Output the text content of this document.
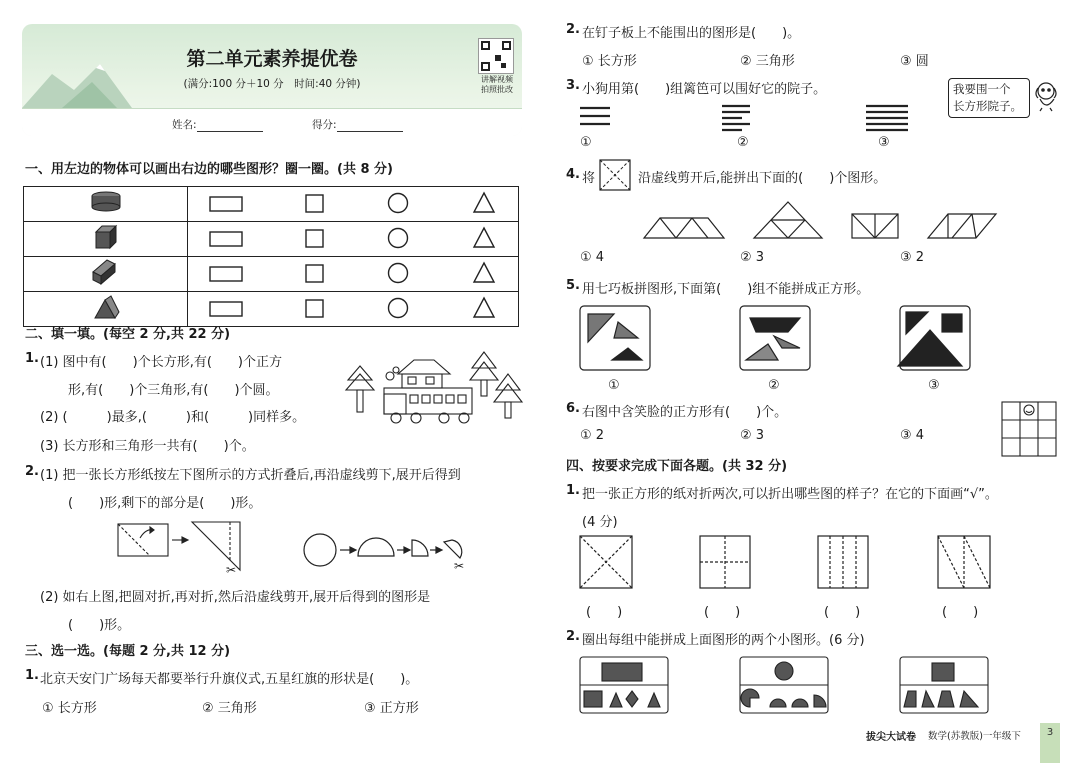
第二单元素养提优卷
(满分:100 分＋10 分　时间:40 分钟)	讲解视频
拍照批改
姓名:	得分:
一、用左边的物体可以画出右边的哪些图形？圈一圈。(共 8 分)

二、填一填。(每空 2 分,共 22 分)
1. (1) 图中有(　　)个长方形,有(　　)个正方
形,有(　　)个三角形,有(　　)个圆。
(2) (　　　)最多,(　　　)和(　　　)同样多。
(3) 长方形和三角形一共有(　　)个。
2. (1) 把一张长方形纸按左下图所示的方式折叠后,再沿虚线剪下,展开后得到
(　　)形,剩下的部分是(　　)形。
✂	✂
(2) 如右上图,把圆对折,再对折,然后沿虚线剪开,展开后得到的图形是
(　　)形。
三、选一选。(每题 2 分,共 12 分)
1. 北京天安门广场每天都要举行升旗仪式,五星红旗的形状是(　　)。
① 长方形	② 三角形	③ 正方形
2. 在钉子板上不能围出的图形是(　　)。
① 长方形	② 三角形	③ 圆
3. 小狗用第(　　)组篱笆可以围好它的院子。	我要围一个
长方形院子。
①	②	③
4. 将	沿虚线剪开后,能拼出下面的(　　)个图形。
① 4	② 3	③ 2
5. 用七巧板拼图形,下面第(　　)组不能拼成正方形。
①	②	③
6. 右图中含笑脸的正方形有(　　)个。
① 2	② 3	③ 4
四、按要求完成下面各题。(共 32 分)
1. 把一张正方形的纸对折两次,可以折出哪些图的样子？在它的下面画“√”。
(4 分)
(　　)	(　　)	(　　)	(　　)
2. 圈出每组中能拼成上面图形的两个小图形。(6 分)
拔尖大试卷 数学(苏教版)一年级下	3
